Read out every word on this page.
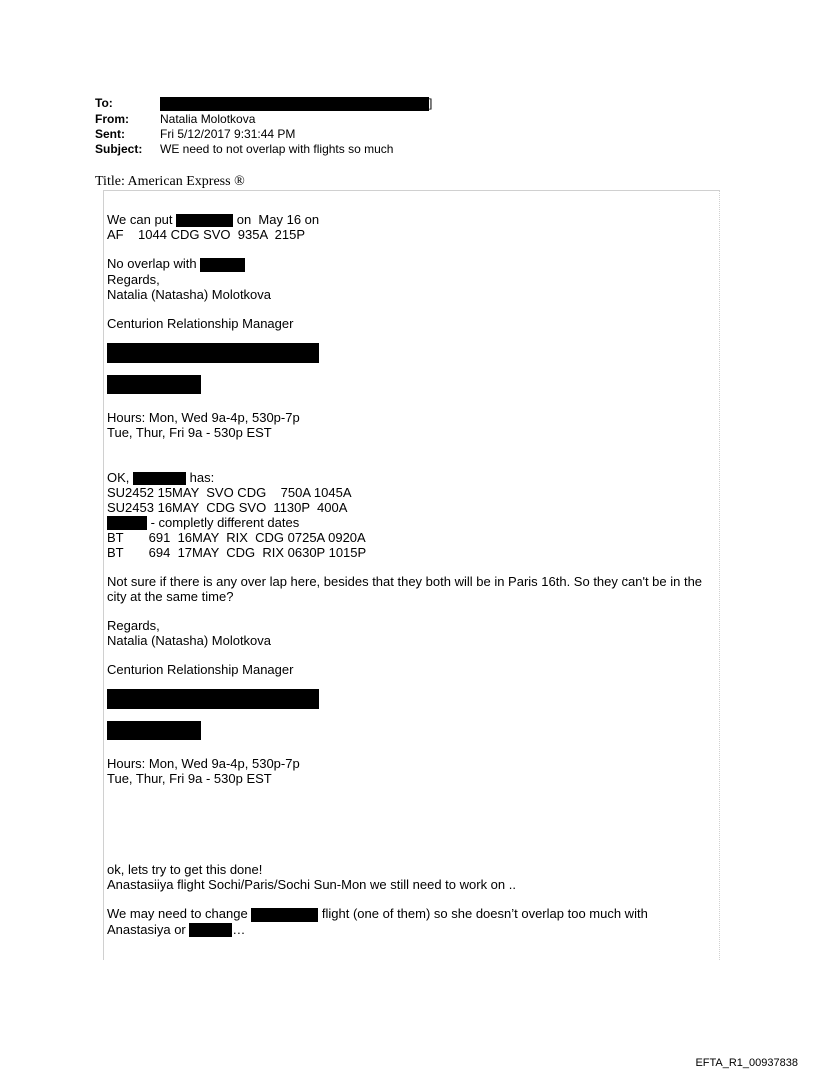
To:	]
From:	Natalia Molotkova
Sent:	Fri 5/12/2017 9:31:44 PM
Subject: WE need to not overlap with flights so much
Title: American Express ®
We can put	on  May 16 on
AF    1044 CDG SVO  935A  215P
No overlap with
Regards,
Natalia (Natasha) Molotkova
Centurion Relationship Manager
Hours: Mon, Wed 9a-4p, 530p-7p
Tue, Thur, Fri 9a - 530p EST
OK,	has:
SU2452 15MAY  SVO CDG    750A 1045A
SU2453 16MAY  CDG SVO  1130P  400A
- completly different dates
BT       691  16MAY  RIX  CDG 0725A 0920A
BT       694  17MAY  CDG  RIX 0630P 1015P
Not sure if there is any over lap here, besides that they both will be in Paris 16th. So they can't be in the city at the same time?
Regards,
Natalia (Natasha) Molotkova
Centurion Relationship Manager
Hours: Mon, Wed 9a-4p, 530p-7p
Tue, Thur, Fri 9a - 530p EST
ok, lets try to get this done!
Anastasiiya flight Sochi/Paris/Sochi Sun-Mon we still need to work on ..
We may need to change	flight (one of them) so she doesn’t overlap too much with
Anastasiya or	…
EFTA_R1_00937838
